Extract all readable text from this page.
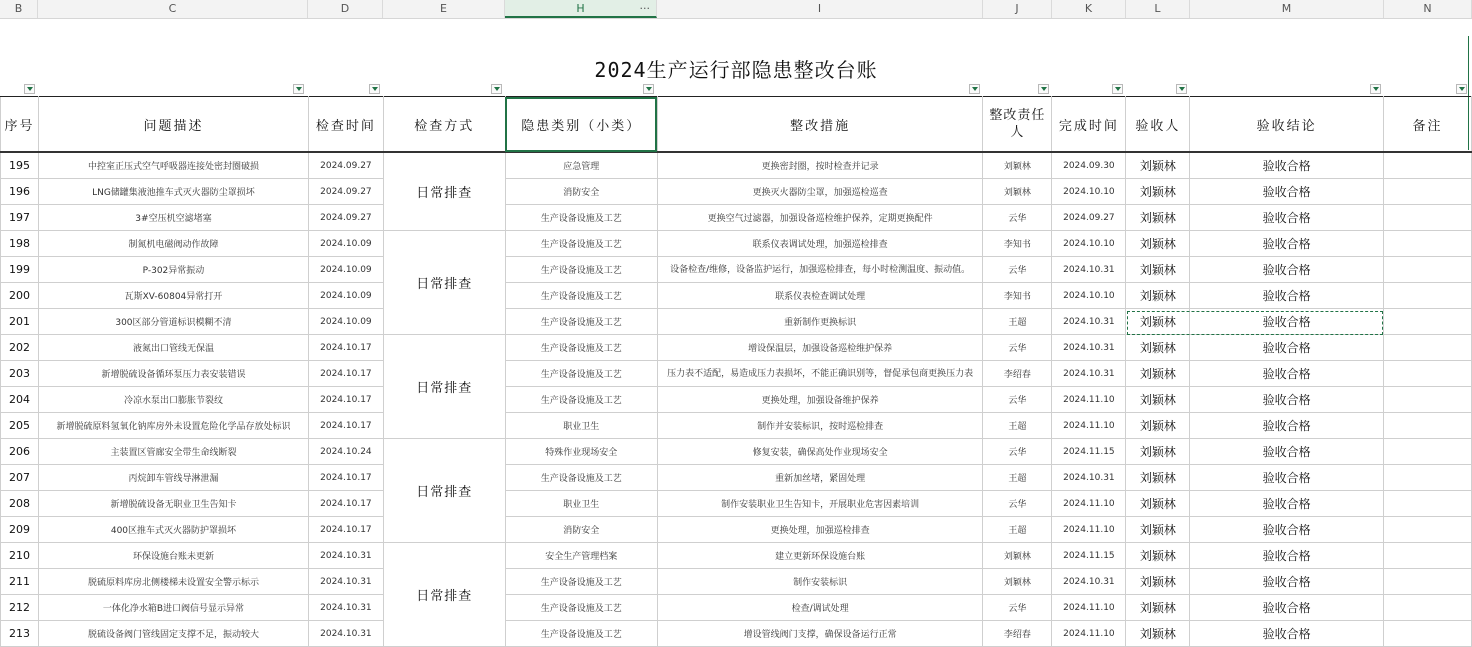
B	C	D	E	H	···	I	J	K	L	M	N
2024生产运行部隐患整改台账
序号	问题描述	检查时间	检查方式	隐患类别（小类）	整改措施	整改责任人	完成时间	验收人	验收结论	备注
195	中控室正压式空气呼吸器连接处密封圈破损	2024.09.27	日常排查	应急管理	更换密封圈，按时检查并记录	刘颖林	2024.09.30	刘颖林	验收合格	
196	LNG储罐集液池推车式灭火器防尘罩损坏	2024.09.27		消防安全	更换灭火器防尘罩，加强巡检巡查	刘颖林	2024.10.10	刘颖林	验收合格	
197	3#空压机空滤堵塞	2024.09.27		生产设备设施及工艺	更换空气过滤器，加强设备巡检维护保养，定期更换配件	云华	2024.09.27	刘颖林	验收合格	
198	制氮机电磁阀动作故障	2024.10.09	日常排查	生产设备设施及工艺	联系仪表调试处理，加强巡检排查	李知书	2024.10.10	刘颖林	验收合格	
199	P-302异常振动	2024.10.09		生产设备设施及工艺	设备检查/维修，设备监护运行，加强巡检排查，每小时检测温度、振动值。	云华	2024.10.31	刘颖林	验收合格	
200	瓦斯XV-60804异常打开	2024.10.09		生产设备设施及工艺	联系仪表检查调试处理	李知书	2024.10.10	刘颖林	验收合格	
201	300区部分管道标识模糊不清	2024.10.09		生产设备设施及工艺	重新制作更换标识	王超	2024.10.31	刘颖林	验收合格	
202	液氮出口管线无保温	2024.10.17	日常排查	生产设备设施及工艺	增设保温层，加强设备巡检维护保养	云华	2024.10.31	刘颖林	验收合格	
203	新增脱硫设备循环泵压力表安装错误	2024.10.17		生产设备设施及工艺	压力表不适配，易造成压力表损坏，不能正确识别等，督促承包商更换压力表	李绍春	2024.10.31	刘颖林	验收合格	
204	冷凉水泵出口膨胀节裂纹	2024.10.17		生产设备设施及工艺	更换处理，加强设备维护保养	云华	2024.11.10	刘颖林	验收合格	
205	新增脱硫原料氢氧化钠库房外未设置危险化学品存放处标识	2024.10.17		职业卫生	制作并安装标识，按时巡检排查	王超	2024.11.10	刘颖林	验收合格	
206	主装置区管廊安全带生命线断裂	2024.10.24	日常排查	特殊作业现场安全	修复安装，确保高处作业现场安全	云华	2024.11.15	刘颖林	验收合格	
207	丙烷卸车管线导淋泄漏	2024.10.17		生产设备设施及工艺	重新加丝堵，紧固处理	王超	2024.10.31	刘颖林	验收合格	
208	新增脱硫设备无职业卫生告知卡	2024.10.17		职业卫生	制作安装职业卫生告知卡，开展职业危害因素培训	云华	2024.11.10	刘颖林	验收合格	
209	400区推车式灭火器防护罩损坏	2024.10.17		消防安全	更换处理，加强巡检排查	王超	2024.11.10	刘颖林	验收合格	
210	环保设施台账未更新	2024.10.31	日常排查	安全生产管理档案	建立更新环保设施台账	刘颖林	2024.11.15	刘颖林	验收合格	
211	脱硫原料库房北侧楼梯未设置安全警示标示	2024.10.31		生产设备设施及工艺	制作安装标识	刘颖林	2024.10.31	刘颖林	验收合格	
212	一体化净水箱B进口阀信号显示异常	2024.10.31		生产设备设施及工艺	检查/调试处理	云华	2024.11.10	刘颖林	验收合格	
213	脱硫设备阀门管线固定支撑不足，振动较大	2024.10.31		生产设备设施及工艺	增设管线阀门支撑，确保设备运行正常	李绍春	2024.11.10	刘颖林	验收合格	
